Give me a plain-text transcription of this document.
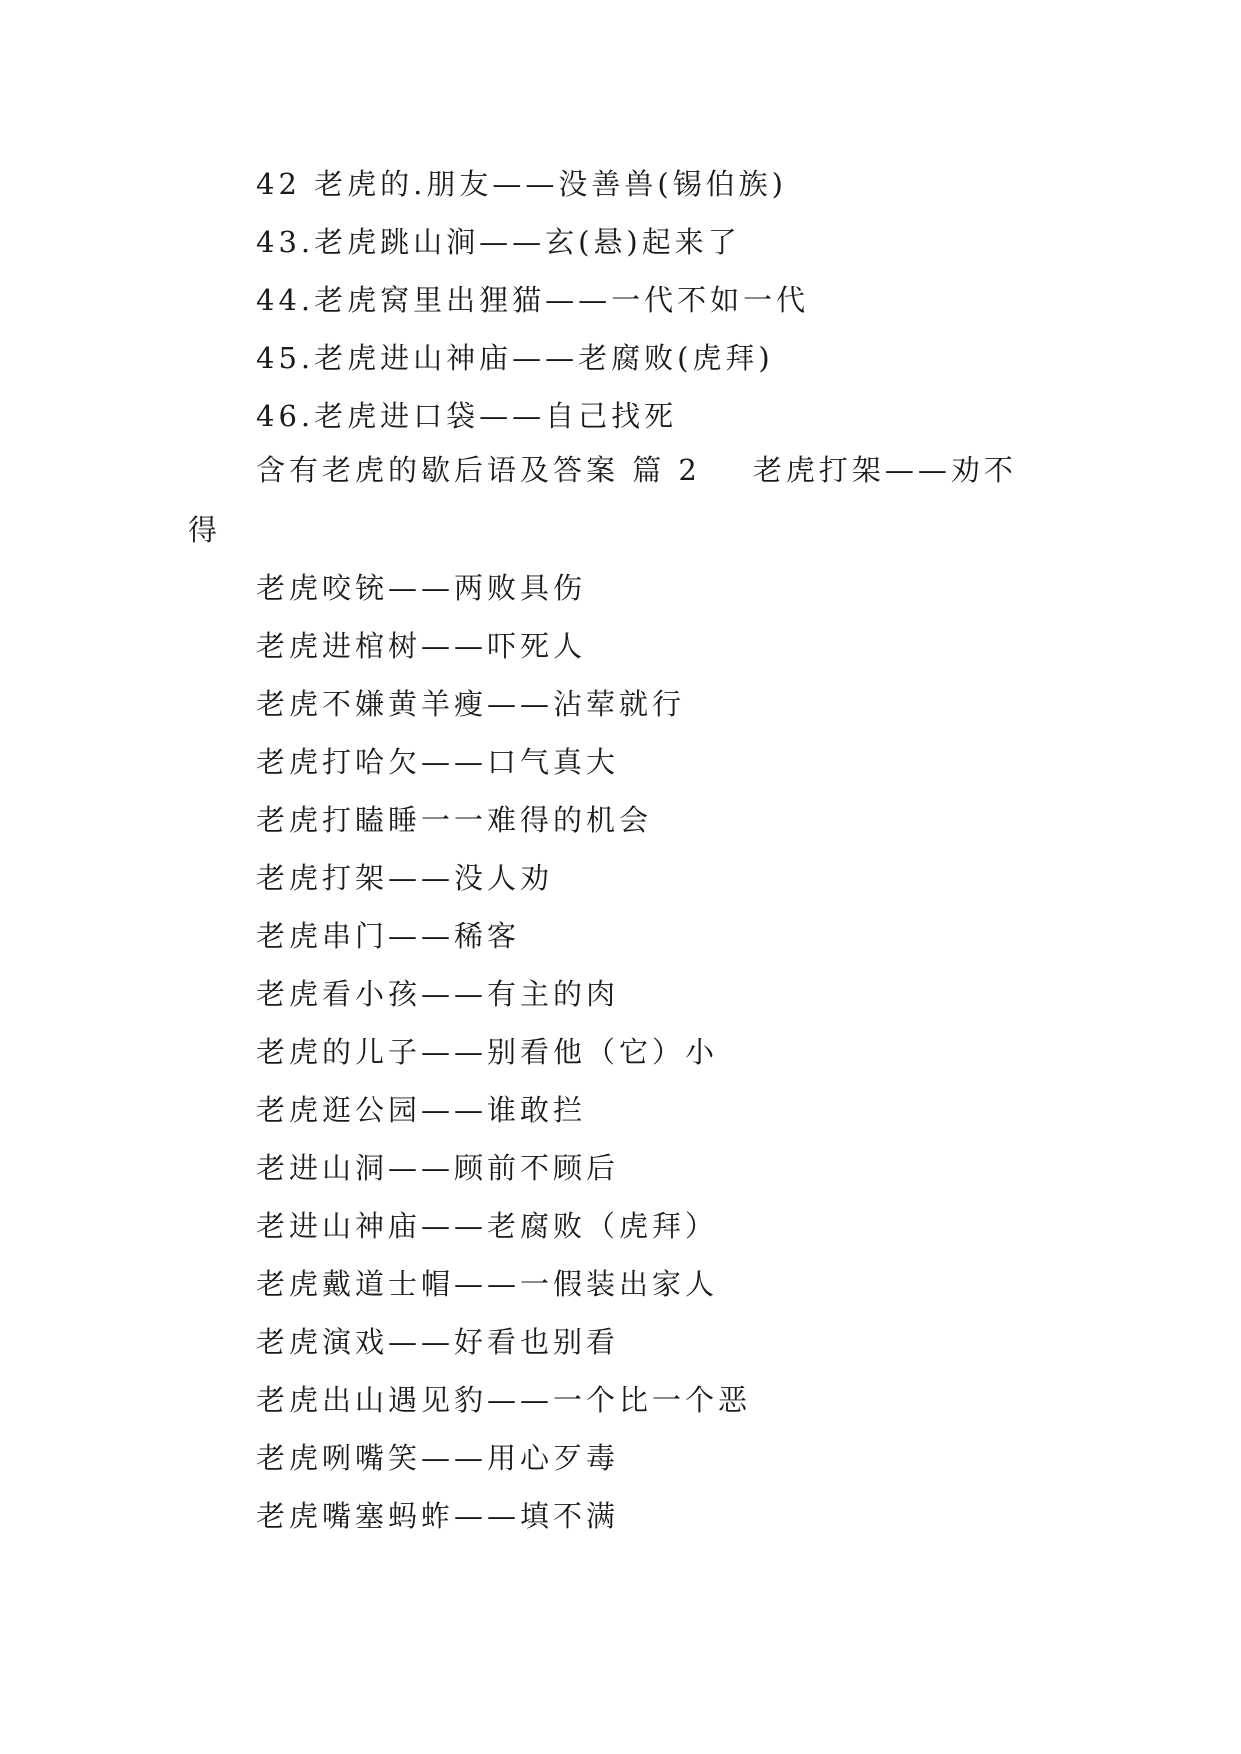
42 老虎的.朋友——没善兽(锡伯族)
43.老虎跳山涧——玄(悬)起来了
44.老虎窝里出狸猫——一代不如一代
45.老虎进山神庙——老腐败(虎拜)
46.老虎进口袋——自己找死
含有老虎的歇后语及答案 篇 2 老虎打架——劝不
得
老虎咬铳——两败具伤
老虎进棺树——吓死人
老虎不嫌黄羊瘦——沾荤就行
老虎打哈欠——口气真大
老虎打瞌睡一一难得的机会
老虎打架——没人劝
老虎串门——稀客
老虎看小孩——有主的肉
老虎的儿子——别看他（它）小
老虎逛公园——谁敢拦
老进山洞——顾前不顾后
老进山神庙——老腐败（虎拜）
老虎戴道士帽——一假装出家人
老虎演戏——好看也别看
老虎出山遇见豹——一个比一个恶
老虎咧嘴笑——用心歹毒
老虎嘴塞蚂蚱——填不满
